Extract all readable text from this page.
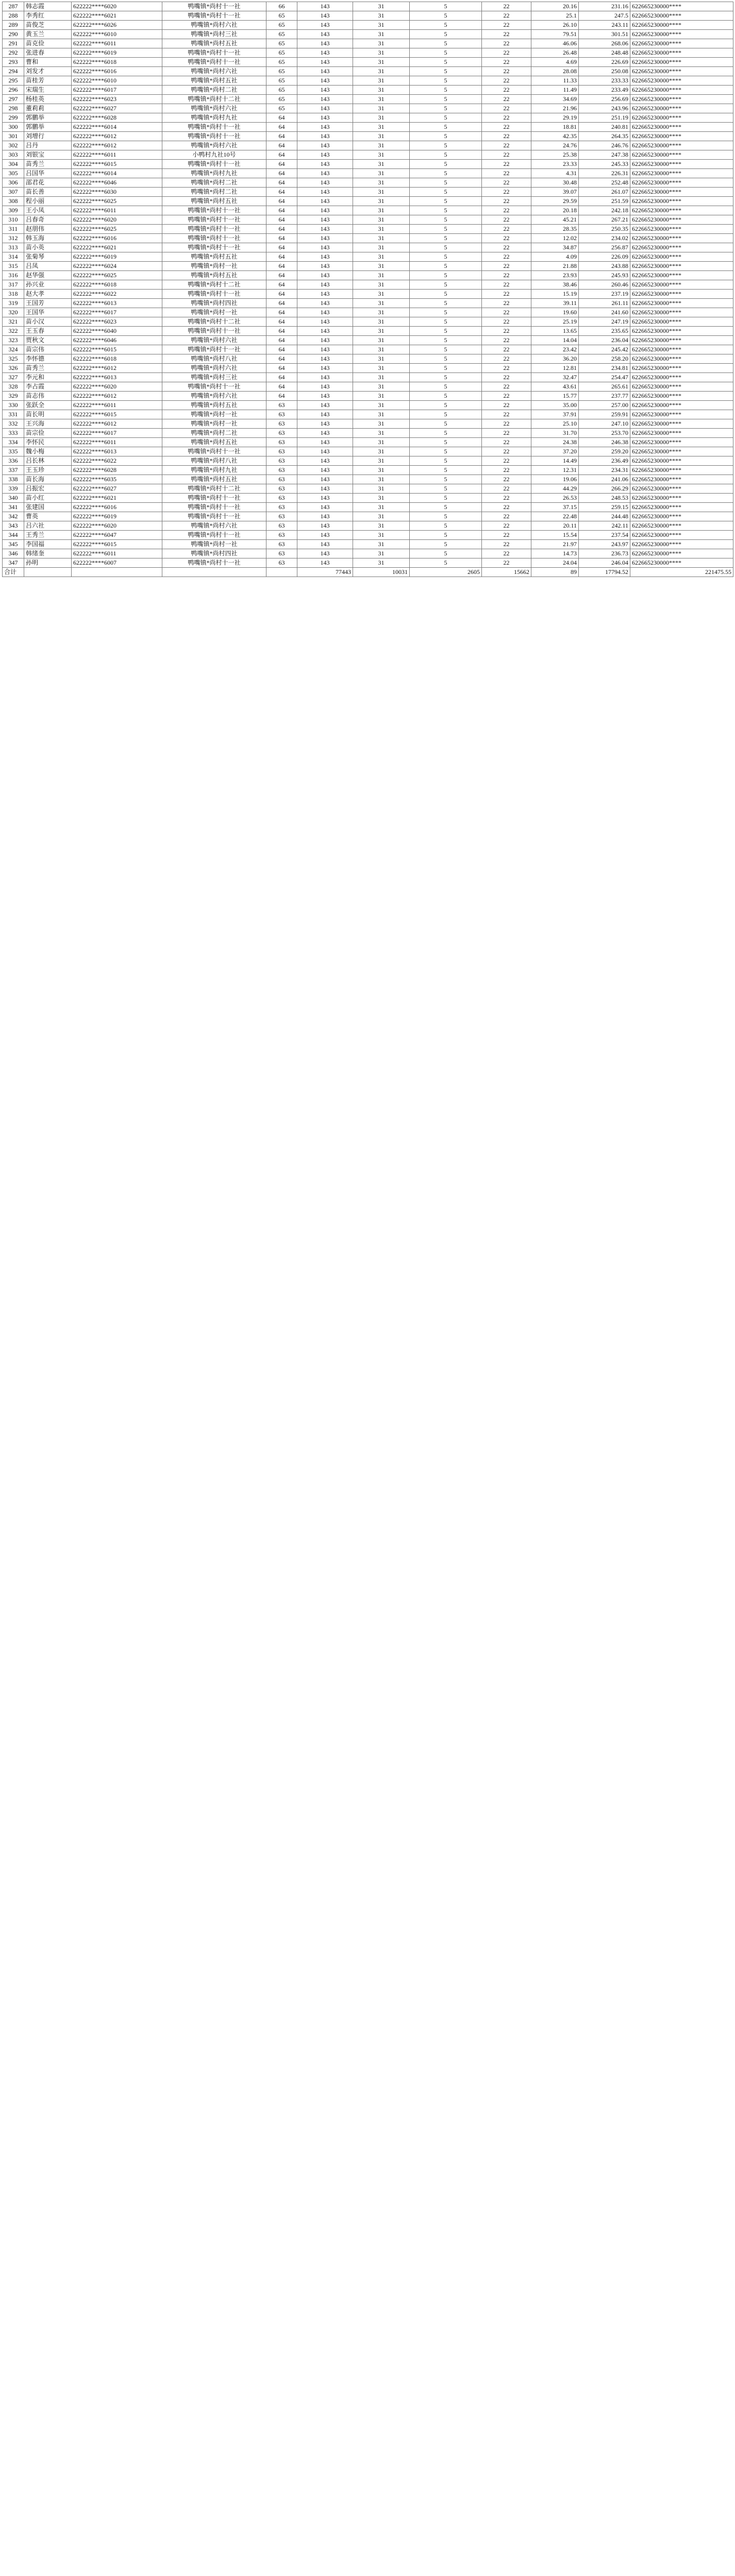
287	韩志霞	622222****6020	鸭嘴镇*尚村十一社	66	143	31	5	22	20.16	231.16	622665230000****
288	李秀红	622222****6021	鸭嘴镇*尚村十一社	65	143	31	5	22	25.1	247.5	622665230000****
289	苗俊芝	622222****6026	鸭嘴镇*尚村六社	65	143	31	5	22	26.10	243.11	622665230000****
290	黄玉兰	622222****6010	鸭嘴镇*尚村三社	65	143	31	5	22	79.51	301.51	622665230000****
291	苗克俭	622222****6011	鸭嘴镇*尚村五社	65	143	31	5	22	46.06	268.06	622665230000****
292	张进春	622222****6019	鸭嘴镇*尚村十一社	65	143	31	5	22	26.48	248.48	622665230000****
293	曹和	622222****6018	鸭嘴镇*尚村十一社	65	143	31	5	22	4.69	226.69	622665230000****
294	刘发才	622222****6016	鸭嘴镇*尚村六社	65	143	31	5	22	28.08	250.08	622665230000****
295	苗桂芳	622222****6010	鸭嘴镇*尚村五社	65	143	31	5	22	11.33	233.33	622665230000****
296	宋瑞生	622222****6017	鸭嘴镇*尚村二社	65	143	31	5	22	11.49	233.49	622665230000****
297	杨桂英	622222****6023	鸭嘴镇*尚村十二社	65	143	31	5	22	34.69	256.69	622665230000****
298	董莉莉	622222****6027	鸭嘴镇*尚村六社	65	143	31	5	22	21.96	243.96	622665230000****
299	郭鹏举	622222****6028	鸭嘴镇*尚村九社	64	143	31	5	22	29.19	251.19	622665230000****
300	郭鹏举	622222****6014	鸭嘴镇*尚村十一社	64	143	31	5	22	18.81	240.81	622665230000****
301	刘增行	622222****6012	鸭嘴镇*尚村十一社	64	143	31	5	22	42.35	264.35	622665230000****
302	吕丹	622222****6012	鸭嘴镇*尚村六社	64	143	31	5	22	24.76	246.76	622665230000****
303	刘银宝	622222****6011	小鸭村九社10号	64	143	31	5	22	25.38	247.38	622665230000****
304	苗秀兰	622222****6015	鸭嘴镇*尚村十一社	64	143	31	5	22	23.33	245.33	622665230000****
305	吕国华	622222****6014	鸭嘴镇*尚村九社	64	143	31	5	22	4.31	226.31	622665230000****
306	邵君花	622222****6046	鸭嘴镇*尚村二社	64	143	31	5	22	30.48	252.48	622665230000****
307	苗长善	622222****6030	鸭嘴镇*尚村二社	64	143	31	5	22	39.07	261.07	622665230000****
308	程小丽	622222****6025	鸭嘴镇*尚村五社	64	143	31	5	22	29.59	251.59	622665230000****
309	王小凤	622222****6011	鸭嘴镇*尚村十一社	64	143	31	5	22	20.18	242.18	622665230000****
310	吕春奇	622222****6020	鸭嘴镇*尚村十一社	64	143	31	5	22	45.21	267.21	622665230000****
311	赵朋伟	622222****6025	鸭嘴镇*尚村十一社	64	143	31	5	22	28.35	250.35	622665230000****
312	韩玉海	622222****6016	鸭嘴镇*尚村十一社	64	143	31	5	22	12.02	234.02	622665230000****
313	苗小英	622222****6021	鸭嘴镇*尚村十一社	64	143	31	5	22	34.87	256.87	622665230000****
314	张菊琴	622222****6019	鸭嘴镇*尚村五社	64	143	31	5	22	4.09	226.09	622665230000****
315	吕凤	622222****6024	鸭嘴镇*尚村一社	64	143	31	5	22	21.88	243.88	622665230000****
316	赵华强	622222****6025	鸭嘴镇*尚村五社	64	143	31	5	22	23.93	245.93	622665230000****
317	孙兴业	622222****6018	鸭嘴镇*尚村十二社	64	143	31	5	22	38.46	260.46	622665230000****
318	赵大孝	622222****6022	鸭嘴镇*尚村十一社	64	143	31	5	22	15.19	237.19	622665230000****
319	王国芳	622222****6013	鸭嘴镇*尚村四社	64	143	31	5	22	39.11	261.11	622665230000****
320	王国华	622222****6017	鸭嘴镇*尚村一社	64	143	31	5	22	19.60	241.60	622665230000****
321	苗小汉	622222****6023	鸭嘴镇*尚村十二社	64	143	31	5	22	25.19	247.19	622665230000****
322	王玉春	622222****6040	鸭嘴镇*尚村十一社	64	143	31	5	22	13.65	235.65	622665230000****
323	贾秋文	622222****6046	鸭嘴镇*尚村六社	64	143	31	5	22	14.04	236.04	622665230000****
324	苗宗伟	622222****6015	鸭嘴镇*尚村十一社	64	143	31	5	22	23.42	245.42	622665230000****
325	李怀德	622222****6018	鸭嘴镇*尚村八社	64	143	31	5	22	36.20	258.20	622665230000****
326	苗秀兰	622222****6012	鸭嘴镇*尚村六社	64	143	31	5	22	12.81	234.81	622665230000****
327	李元和	622222****6013	鸭嘴镇*尚村三社	64	143	31	5	22	32.47	254.47	622665230000****
328	李占霞	622222****6020	鸭嘴镇*尚村十一社	64	143	31	5	22	43.61	265.61	622665230000****
329	苗志伟	622222****6012	鸭嘴镇*尚村六社	64	143	31	5	22	15.77	237.77	622665230000****
330	张跃全	622222****6011	鸭嘴镇*尚村五社	63	143	31	5	22	35.00	257.00	622665230000****
331	苗长明	622222****6015	鸭嘴镇*尚村一社	63	143	31	5	22	37.91	259.91	622665230000****
332	王兴海	622222****6012	鸭嘴镇*尚村一社	63	143	31	5	22	25.10	247.10	622665230000****
333	苗宗俭	622222****6017	鸭嘴镇*尚村二社	63	143	31	5	22	31.70	253.70	622665230000****
334	李怀民	622222****6011	鸭嘴镇*尚村五社	63	143	31	5	22	24.38	246.38	622665230000****
335	魏小梅	622222****6013	鸭嘴镇*尚村十一社	63	143	31	5	22	37.20	259.20	622665230000****
336	吕长林	622222****6022	鸭嘴镇*尚村八社	63	143	31	5	22	14.49	236.49	622665230000****
337	王玉珍	622222****6028	鸭嘴镇*尚村九社	63	143	31	5	22	12.31	234.31	622665230000****
338	苗长海	622222****6035	鸭嘴镇*尚村五社	63	143	31	5	22	19.06	241.06	622665230000****
339	吕振宏	622222****6027	鸭嘴镇*尚村十二社	63	143	31	5	22	44.29	266.29	622665230000****
340	苗小红	622222****6021	鸭嘴镇*尚村十一社	63	143	31	5	22	26.53	248.53	622665230000****
341	张建国	622222****6016	鸭嘴镇*尚村十一社	63	143	31	5	22	37.15	259.15	622665230000****
342	曹英	622222****6019	鸭嘴镇*尚村十一社	63	143	31	5	22	22.48	244.48	622665230000****
343	吕六社	622222****6020	鸭嘴镇*尚村六社	63	143	31	5	22	20.11	242.11	622665230000****
344	王秀兰	622222****6047	鸭嘴镇*尚村十一社	63	143	31	5	22	15.54	237.54	622665230000****
345	李国福	622222****6015	鸭嘴镇*尚村一社	63	143	31	5	22	21.97	243.97	622665230000****
346	韩绪奎	622222****6011	鸭嘴镇*尚村四社	63	143	31	5	22	14.73	236.73	622665230000****
347	孙明	622222****6007	鸭嘴镇*尚村十一社	63	143	31	5	22	24.04	246.04	622665230000****
合计					77443	10031	2605	15662	89	17794.52	221475.55
